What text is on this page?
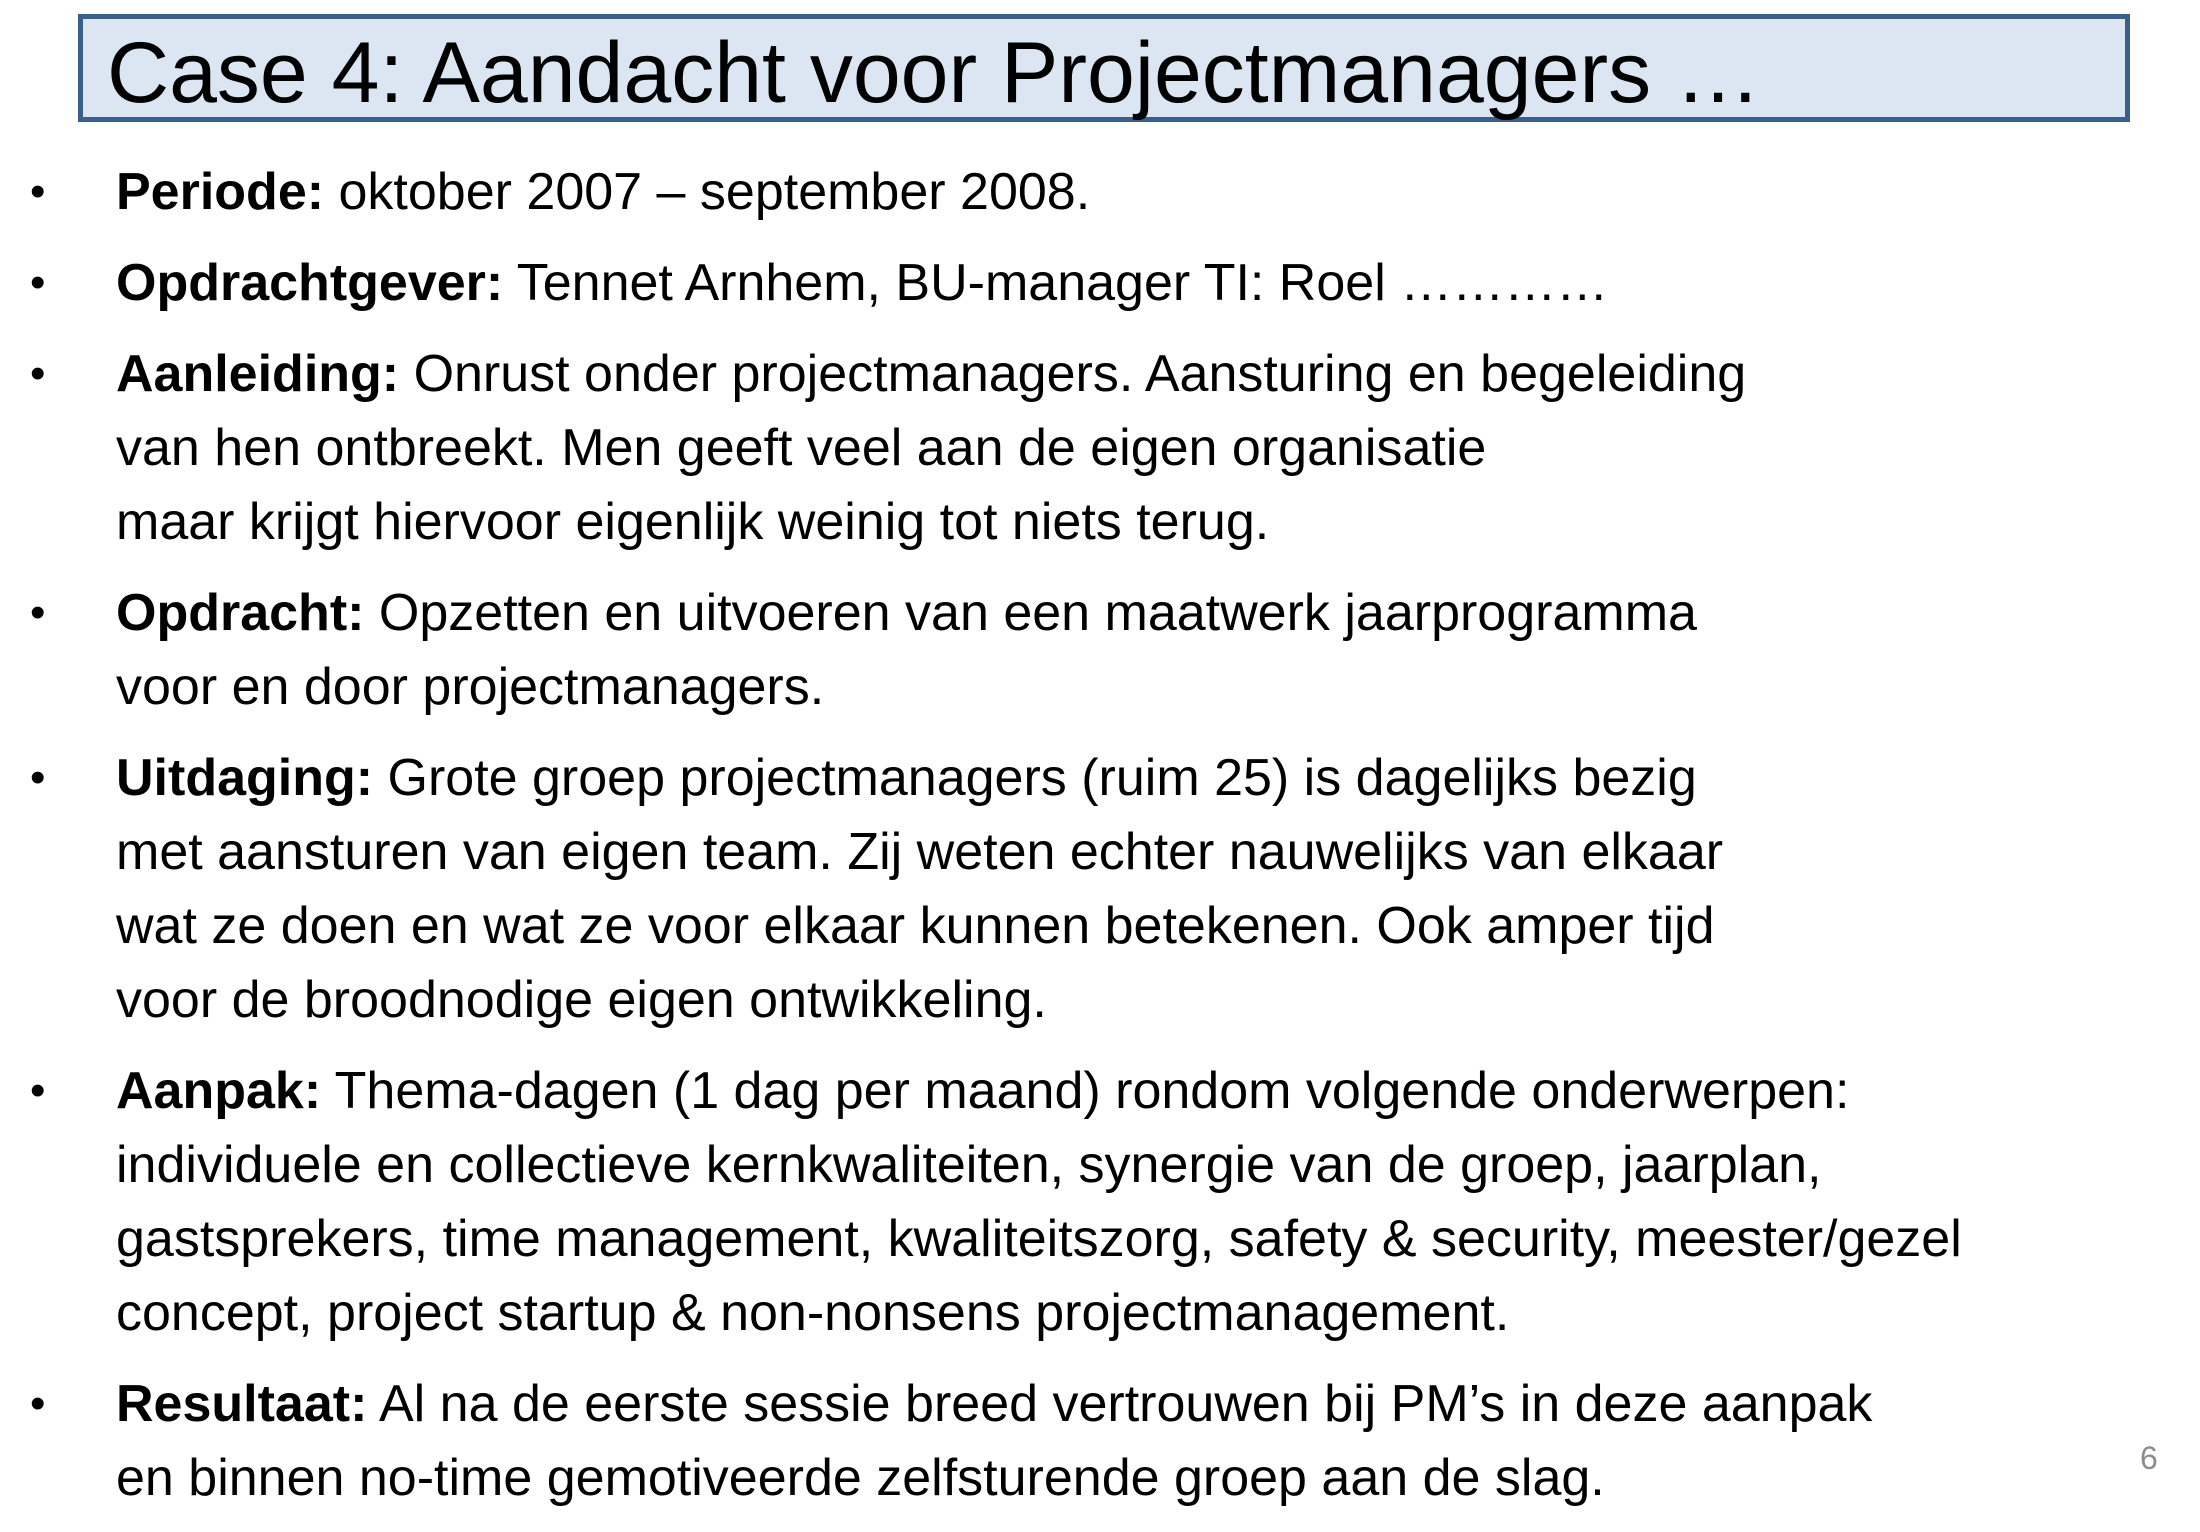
Case 4: Aandacht voor Projectmanagers …
•	Periode: oktober 2007 – september 2008.
•	Opdrachtgever: Tennet Arnhem, BU-manager TI: Roel …………
•	Aanleiding: Onrust onder projectmanagers. Aansturing en begeleiding
van hen ontbreekt. Men geeft veel aan de eigen organisatie
maar krijgt hiervoor eigenlijk weinig tot niets terug.
•	Opdracht: Opzetten en uitvoeren van een maatwerk jaarprogramma
voor en door projectmanagers.
•	Uitdaging: Grote groep projectmanagers (ruim 25) is dagelijks bezig
met aansturen van eigen team. Zij weten echter nauwelijks van elkaar
wat ze doen en wat ze voor elkaar kunnen betekenen. Ook amper tijd
voor de broodnodige eigen ontwikkeling.
•	Aanpak: Thema-dagen (1 dag per maand) rondom volgende onderwerpen:
individuele en collectieve kernkwaliteiten, synergie van de groep, jaarplan,
gastsprekers, time management, kwaliteitszorg, safety & security, meester/gezel
concept, project startup & non-nonsens projectmanagement.
•	Resultaat: Al na de eerste sessie breed vertrouwen bij PM’s in deze aanpak
en binnen no-time gemotiveerde zelfsturende groep aan de slag.	6
